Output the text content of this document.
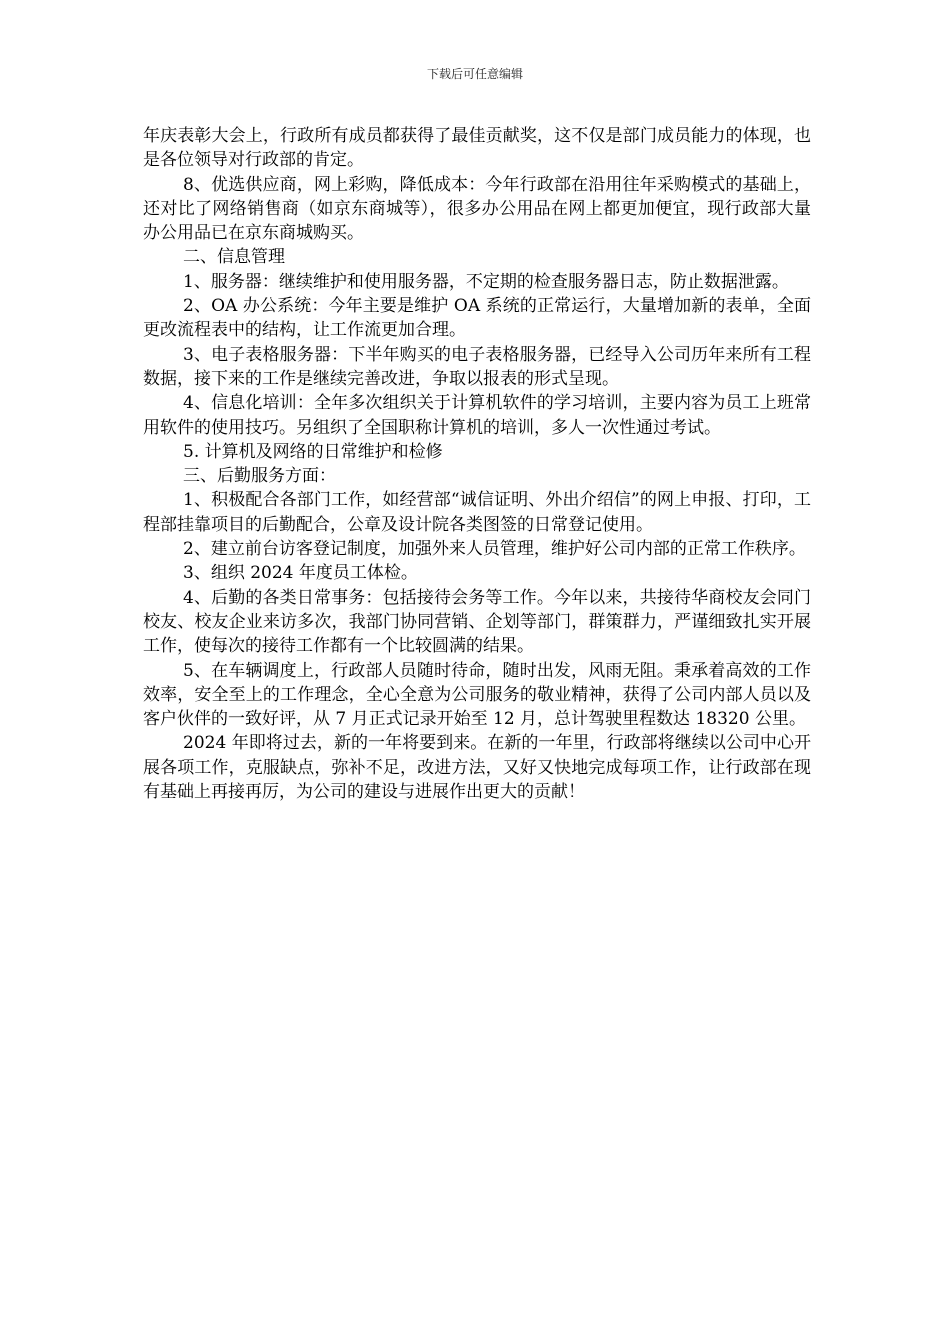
下载后可任意编辑

年庆表彰大会上，行政所有成员都获得了最佳贡献奖，这不仅是部门成员能力的体现，也是各位领导对行政部的肯定。

8、优选供应商，网上彩购，降低成本：今年行政部在沿用往年采购模式的基础上，还对比了网络销售商（如京东商城等），很多办公用品在网上都更加便宜，现行政部大量办公用品已在京东商城购买。

二、信息管理

1、服务器：继续维护和使用服务器，不定期的检查服务器日志，防止数据泄露。

2、OA 办公系统：今年主要是维护 OA 系统的正常运行，大量增加新的表单，全面更改流程表中的结构，让工作流更加合理。

3、电子表格服务器：下半年购买的电子表格服务器，已经导入公司历年来所有工程数据，接下来的工作是继续完善改进，争取以报表的形式呈现。

4、信息化培训：全年多次组织关于计算机软件的学习培训，主要内容为员工上班常用软件的使用技巧。另组织了全国职称计算机的培训，多人一次性通过考试。

5. 计算机及网络的日常维护和检修

三、后勤服务方面：

1、积极配合各部门工作，如经营部“诚信证明、外出介绍信”的网上申报、打印，工程部挂靠项目的后勤配合，公章及设计院各类图签的日常登记使用。

2、建立前台访客登记制度，加强外来人员管理，维护好公司内部的正常工作秩序。

3、组织 2024 年度员工体检。

4、后勤的各类日常事务：包括接待会务等工作。今年以来，共接待华商校友会同门校友、校友企业来访多次，我部门协同营销、企划等部门，群策群力，严谨细致扎实开展工作，使每次的接待工作都有一个比较圆满的结果。

5、在车辆调度上，行政部人员随时待命，随时出发，风雨无阻。秉承着高效的工作效率，安全至上的工作理念，全心全意为公司服务的敬业精神，获得了公司内部人员以及客户伙伴的一致好评，从 7 月正式记录开始至 12 月，总计驾驶里程数达 18320 公里。

2024 年即将过去，新的一年将要到来。在新的一年里，行政部将继续以公司中心开展各项工作，克服缺点，弥补不足，改进方法，又好又快地完成每项工作，让行政部在现有基础上再接再厉，为公司的建设与进展作出更大的贡献！
